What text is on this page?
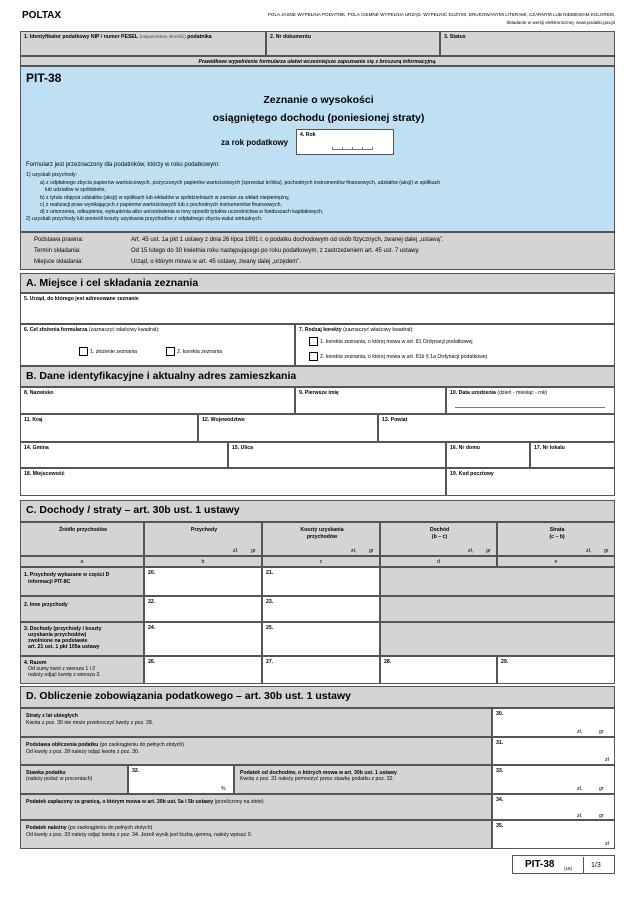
POLTAX	POLA JASNE WYPEŁNIA PODATNIK, POLA CIEMNE WYPEŁNIA URZĄD. WYPEŁNIĆ DUŻYMI, DRUKOWANYMI LITERAMI, CZARNYM LUB NIEBIESKIM KOLOREM.
Składanie w wersji elektronicznej: www.podatki.gov.pl
1. Identyfikator podatkowy NIP / numer PESEL (niepotrzebne skreślić) podatnika	2. Nr dokumentu	3. Status
Prawidłowe wypełnienie formularza ułatwi wcześniejsze zapoznanie się z broszurą informacyjną.
PIT-38
Zeznanie o wysokości
osiągniętego dochodu (poniesionej straty)
za rok podatkowy
4. Rok
Formularz jest przeznaczony dla podatników, którzy w roku podatkowym:
1) uzyskali przychody:
a) z odpłatnego zbycia papierów wartościowych, pożyczonych papierów wartościowych (sprzedaż krótka), pochodnych instrumentów finansowych, udziałów (akcji) w spółkach
lub udziałów w spółdzielni,
b) z tytułu objęcia udziałów (akcji) w spółkach lub wkładów w spółdzielniach w zamian za wkład niepieniężny,
c) z realizacji praw wynikających z papierów wartościowych lub z pochodnych instrumentów finansowych,
d) z umorzenia, odkupienia, wykupienia albo unicestwienia w inny sposób tytułów uczestnictwa w funduszach kapitałowych,
2) uzyskali przychody lub ponieśli koszty uzyskania przychodów z odpłatnego zbycia walut wirtualnych.
Podstawa prawna:	Art. 45 ust. 1a pkt 1 ustawy z dnia 26 lipca 1991 r. o podatku dochodowym od osób fizycznych, zwanej dalej „ustawą”.
Termin składania:	Od 15 lutego do 30 kwietnia roku następującego po roku podatkowym, z zastrzeżeniem art. 45 ust. 7 ustawy.
Miejsce składania:	Urząd, o którym mowa w art. 45 ustawy, zwany dalej „urzędem”.
A. Miejsce i cel składania zeznania
5. Urząd, do którego jest adresowane zeznanie
6. Cel złożenia formularza (zaznaczyć właściwy kwadrat):
1. złożenie zeznania	2. korekta zeznania
7. Rodzaj korekty (zaznaczyć właściwy kwadrat):
1. korekta zeznania, o której mowa w art. 81 Ordynacji podatkowej
2. korekta zeznania, o której mowa w art. 81b § 1a Ordynacji podatkowej
B. Dane identyfikacyjne i aktualny adres zamieszkania
8. Nazwisko	9. Pierwsze imię	10. Data urodzenia (dzień - miesiąc - rok)
11. Kraj	12. Województwo	13. Powiat
14. Gmina	15. Ulica	16. Nr domu	17. Nr lokalu
18. Miejscowość	19. Kod pocztowy
C. Dochody / straty – art. 30b ust. 1 ustawy
Źródło przychodów	Przychody
zł, gr
Koszty uzyskania
przychodów
zł, gr
Dochód
(b – c)
zł, gr
Strata
(c – b)
zł, gr
a	b	c	d	e
1. Przychody wykazane w części D
informacji PIT-8C
20.	21.
2. Inne przychody	22.	23.
3. Dochody (przychody i koszty
uzyskania przychodów)
zwolnione na podstawie
art. 21 ust. 1 pkt 105a ustawy
24.	25.
4. Razem
Od sumy kwot z wiersza 1 i 2
należy odjąć kwotę z wiersza 3.
26.	27.	28.	29.
D. Obliczenie zobowiązania podatkowego – art. 30b ust. 1 ustawy
Straty z lat ubiegłych
Kwota z poz. 30 nie może przekroczyć kwoty z poz. 28.
30.
zł,	gr
Podstawa obliczenia podatku (po zaokrągleniu do pełnych złotych)
Od kwoty z poz. 28 należy odjąć kwotę z poz. 30.
31.
zł
Stawka podatku
(należy podać w procentach)
32.
%
Podatek od dochodów, o których mowa w art. 30b ust. 1 ustawy
Kwotę z poz. 31 należy pomnożyć przez stawkę podatku z poz. 32.
33.
zł,	gr
Podatek zapłacony za granicą, o którym mowa w art. 30b ust. 5a i 5b ustawy (przeliczony na złote)	34.
zł,	gr
Podatek należny (po zaokrągleniu do pełnych złotych)
Od kwoty z poz. 33 należy odjąć kwotę z poz. 34. Jeżeli wynik jest liczbą ujemną, należy wpisać 0.
35.
zł
PIT-38 (18)	1/3
